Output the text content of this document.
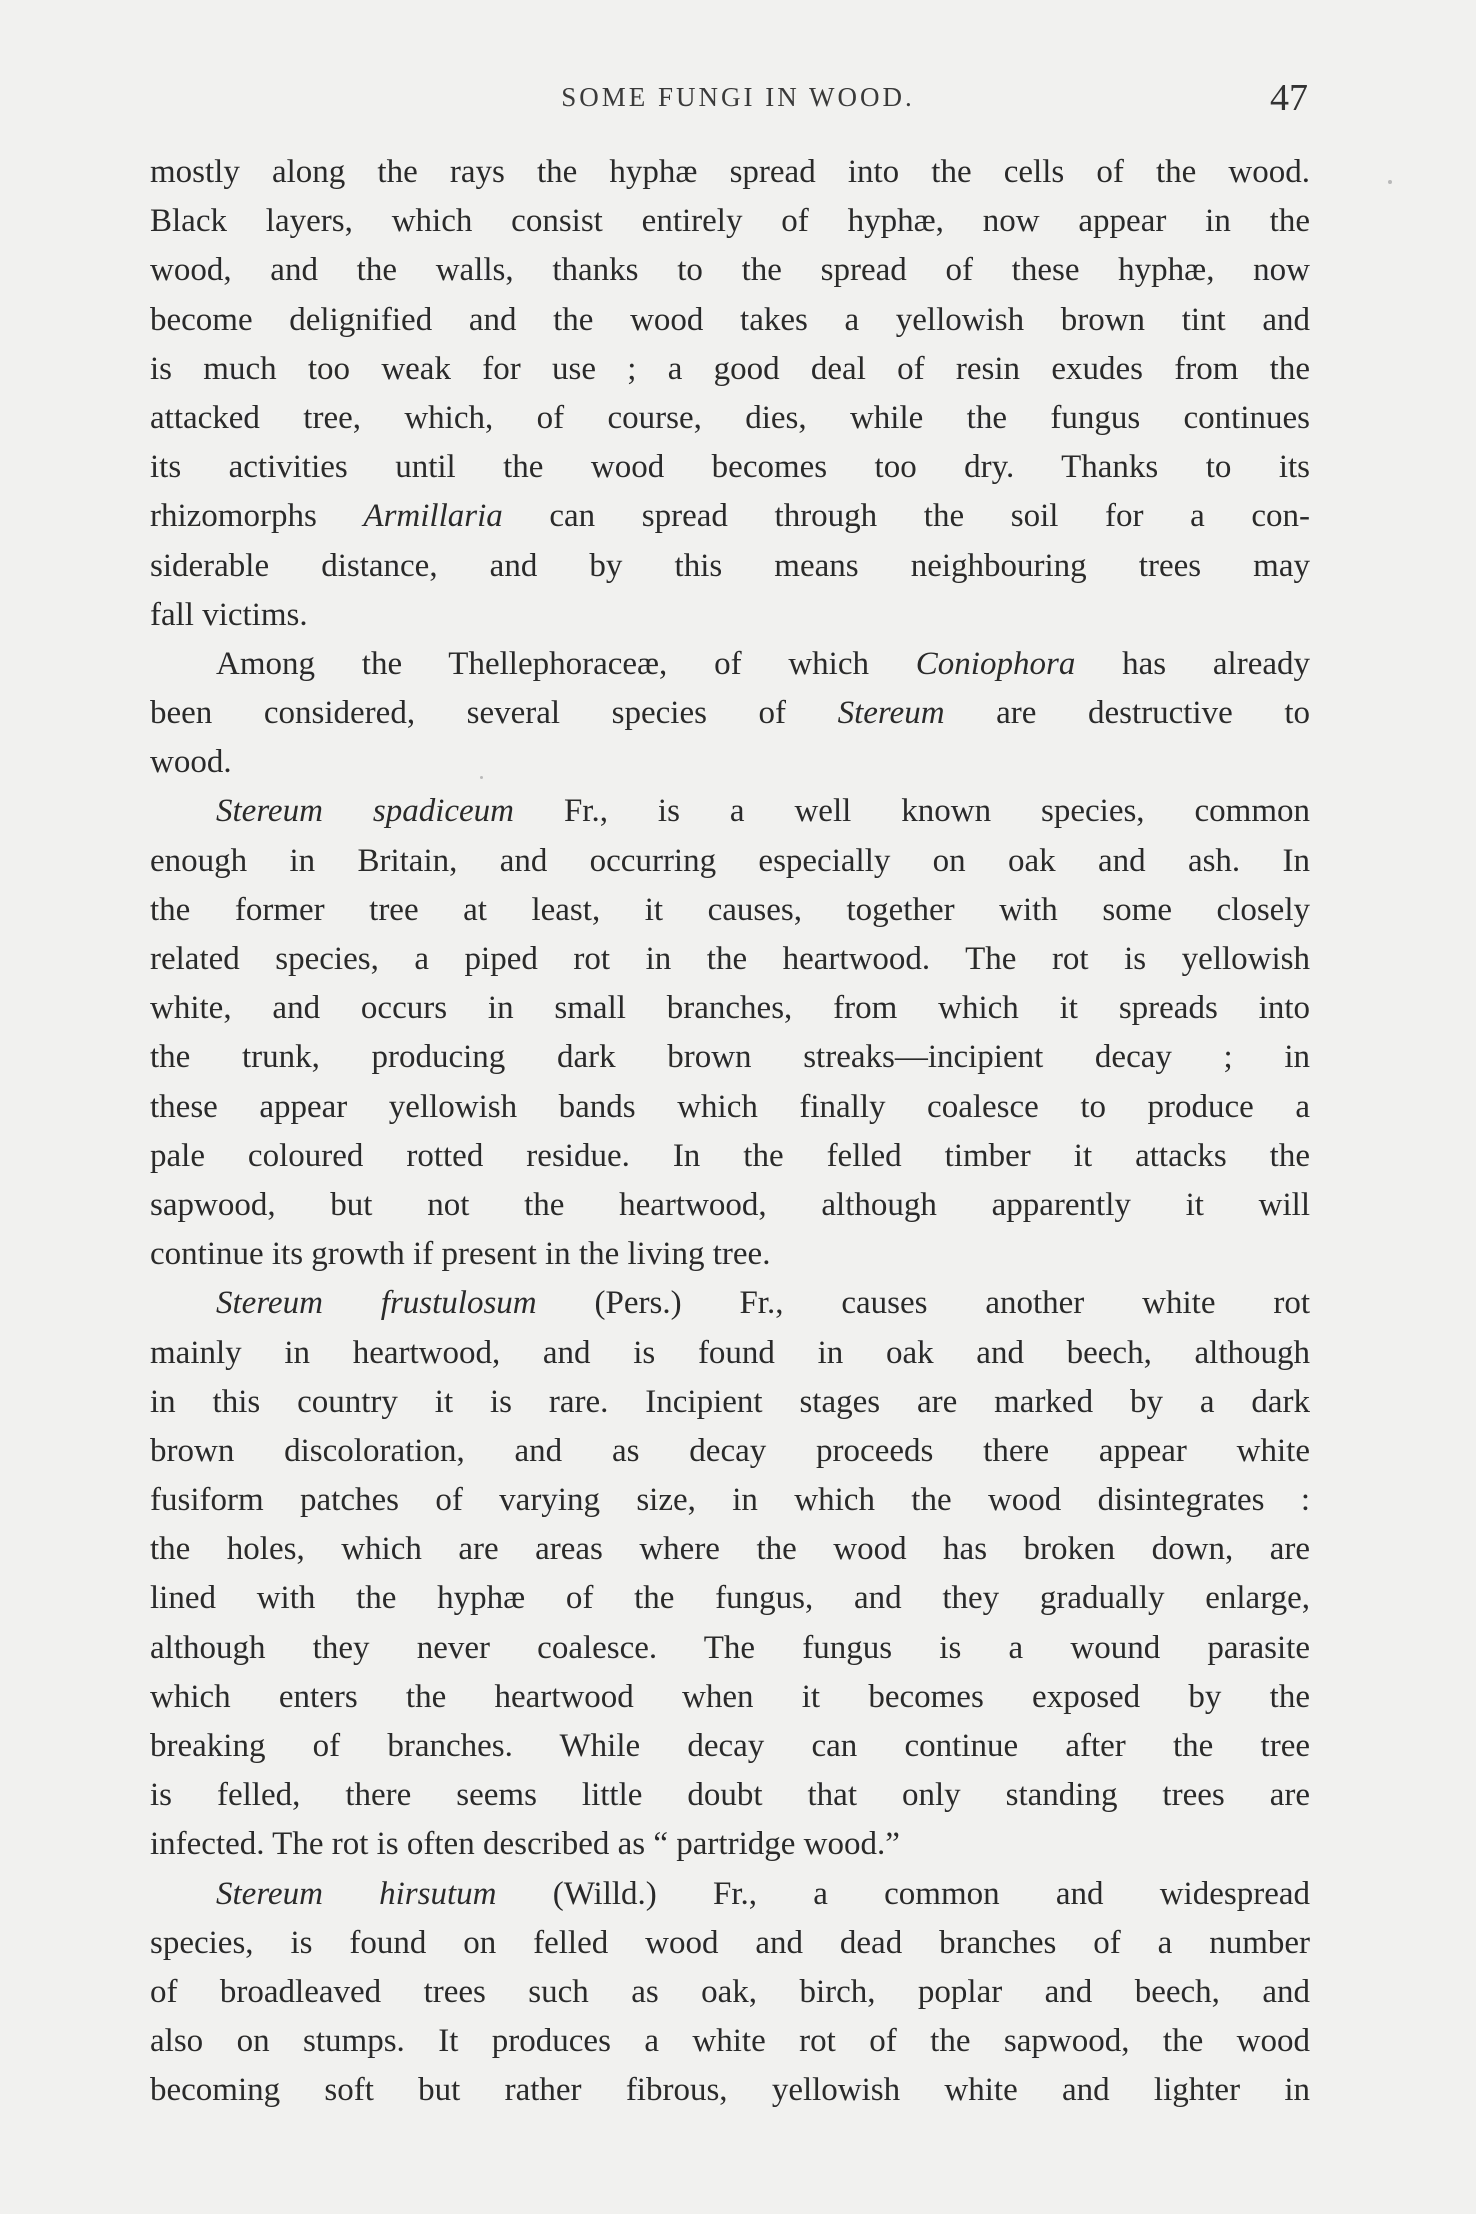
SOME FUNGI IN WOOD.	47
mostly along the rays the hyphæ spread into the cells of the wood.
Black layers, which consist entirely of hyphæ, now appear in the
wood, and the walls, thanks to the spread of these hyphæ, now
become delignified and the wood takes a yellowish brown tint and
is much too weak for use ; a good deal of resin exudes from the
attacked tree, which, of course, dies, while the fungus continues
its activities until the wood becomes too dry. Thanks to its
rhizomorphs Armillaria can spread through the soil for a con-
siderable distance, and by this means neighbouring trees may
fall victims.
Among the Thellephoraceæ, of which Coniophora has already
been considered, several species of Stereum are destructive to
wood.
Stereum spadiceum Fr., is a well known species, common
enough in Britain, and occurring especially on oak and ash. In
the former tree at least, it causes, together with some closely
related species, a piped rot in the heartwood. The rot is yellowish
white, and occurs in small branches, from which it spreads into
the trunk, producing dark brown streaks—incipient decay ; in
these appear yellowish bands which finally coalesce to produce a
pale coloured rotted residue. In the felled timber it attacks the
sapwood, but not the heartwood, although apparently it will
continue its growth if present in the living tree.
Stereum frustulosum (Pers.) Fr., causes another white rot
mainly in heartwood, and is found in oak and beech, although
in this country it is rare. Incipient stages are marked by a dark
brown discoloration, and as decay proceeds there appear white
fusiform patches of varying size, in which the wood disintegrates :
the holes, which are areas where the wood has broken down, are
lined with the hyphæ of the fungus, and they gradually enlarge,
although they never coalesce. The fungus is a wound parasite
which enters the heartwood when it becomes exposed by the
breaking of branches. While decay can continue after the tree
is felled, there seems little doubt that only standing trees are
infected. The rot is often described as “ partridge wood.”
Stereum hirsutum (Willd.) Fr., a common and widespread
species, is found on felled wood and dead branches of a number
of broadleaved trees such as oak, birch, poplar and beech, and
also on stumps. It produces a white rot of the sapwood, the wood
becoming soft but rather fibrous, yellowish white and lighter in
